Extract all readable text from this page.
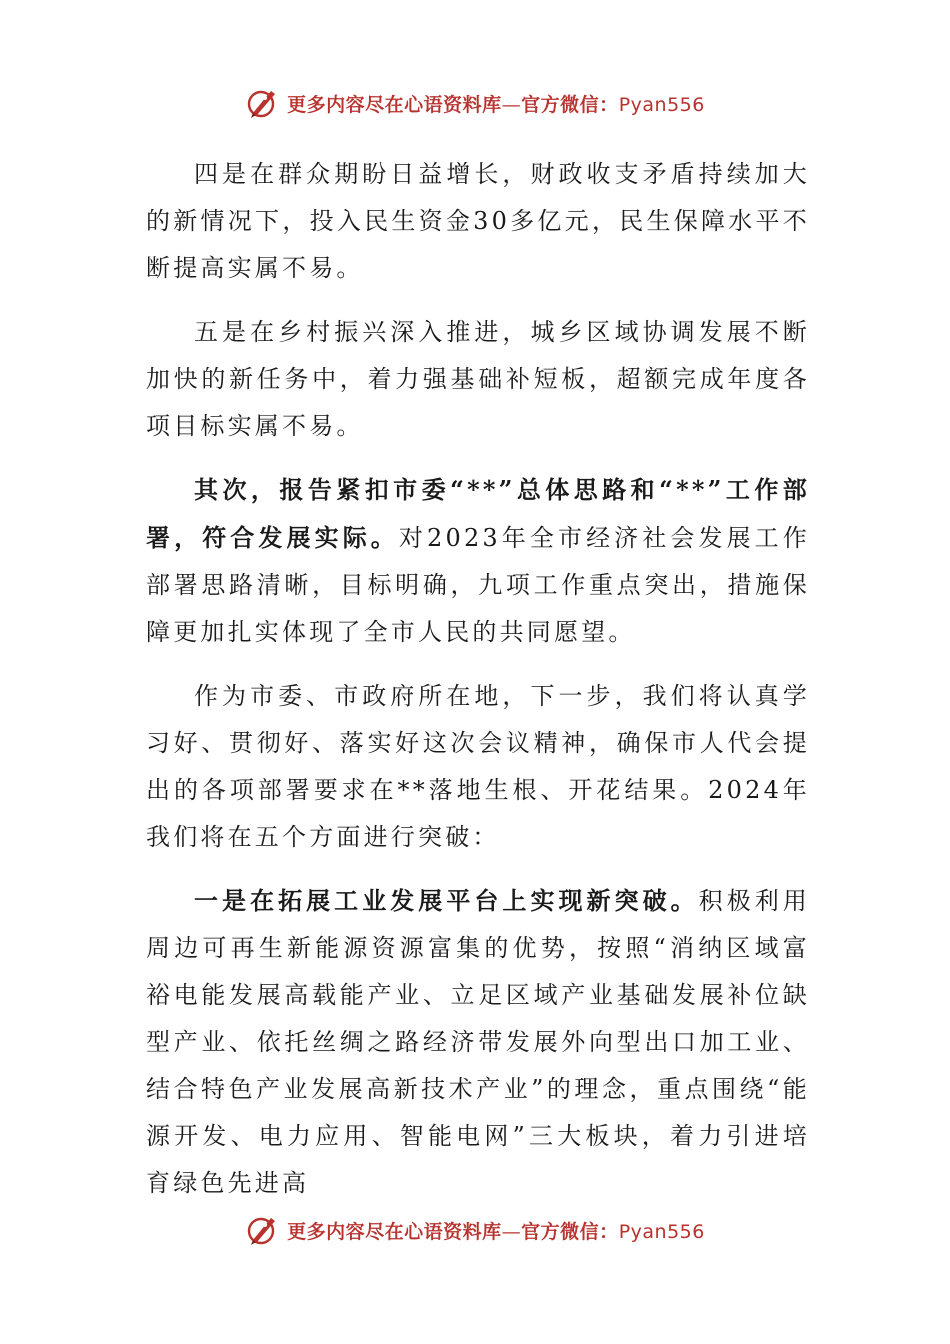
更多内容尽在心语资料库—官方微信：Pyan556

四是在群众期盼日益增长，财政收支矛盾持续加大的新情况下，投入民生资金30多亿元，民生保障水平不断提高实属不易。

五是在乡村振兴深入推进，城乡区域协调发展不断加快的新任务中，着力强基础补短板，超额完成年度各项目标实属不易。

其次，报告紧扣市委“**”总体思路和“**”工作部署，符合发展实际。对2023年全市经济社会发展工作部署思路清晰，目标明确，九项工作重点突出，措施保障更加扎实体现了全市人民的共同愿望。

作为市委、市政府所在地，下一步，我们将认真学习好、贯彻好、落实好这次会议精神，确保市人代会提出的各项部署要求在**落地生根、开花结果。2024年我们将在五个方面进行突破：

一是在拓展工业发展平台上实现新突破。积极利用周边可再生新能源资源富集的优势，按照“消纳区域富裕电能发展高载能产业、立足区域产业基础发展补位缺型产业、依托丝绸之路经济带发展外向型出口加工业、结合特色产业发展高新技术产业”的理念，重点围绕“能源开发、电力应用、智能电网”三大板块，着力引进培育绿色先进高

更多内容尽在心语资料库—官方微信：Pyan556
